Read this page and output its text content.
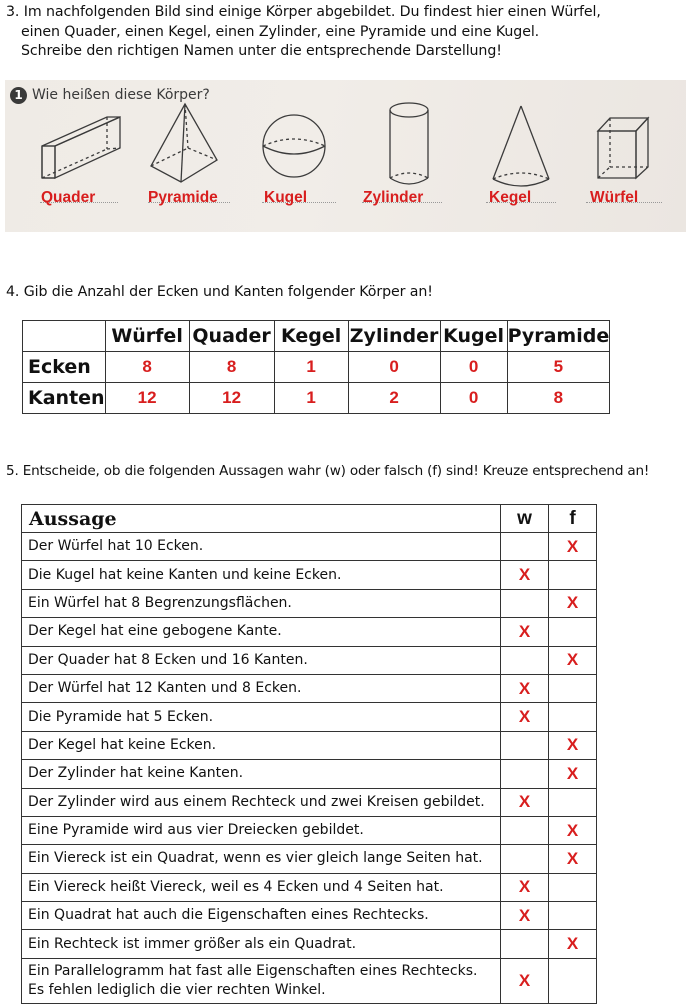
3. Im nachfolgenden Bild sind einige Körper abgebildet. Du findest hier einen Würfel,

einen Quader, einen Kegel, einen Zylinder, eine Pyramide und eine Kugel.

Schreibe den richtigen Namen unter die entsprechende Darstellung!

1 Wie heißen diese Körper?
Quader	Pyramide	Kugel	Zylinder	Kegel	Würfel
4. Gib die Anzahl der Ecken und Kanten folgender Körper an!
	Würfel	Quader	Kegel	Zylinder	Kugel	Pyramide
Ecken	8	8	1	0	0	5
Kanten	12	12	1	2	0	8
5. Entscheide, ob die folgenden Aussagen wahr (w) oder falsch (f) sind! Kreuze entsprechend an!
Aussage	w	f
Der Würfel hat 10 Ecken.		X
Die Kugel hat keine Kanten und keine Ecken.	X	
Ein Würfel hat 8 Begrenzungsflächen.		X
Der Kegel hat eine gebogene Kante.	X	
Der Quader hat 8 Ecken und 16 Kanten.		X
Der Würfel hat 12 Kanten und 8 Ecken.	X	
Die Pyramide hat 5 Ecken.	X	
Der Kegel hat keine Ecken.		X
Der Zylinder hat keine Kanten.		X
Der Zylinder wird aus einem Rechteck und zwei Kreisen gebildet.	X	
Eine Pyramide wird aus vier Dreiecken gebildet.		X
Ein Viereck ist ein Quadrat, wenn es vier gleich lange Seiten hat.		X
Ein Viereck heißt Viereck, weil es 4 Ecken und 4 Seiten hat.	X	
Ein Quadrat hat auch die Eigenschaften eines Rechtecks.	X	
Ein Rechteck ist immer größer als ein Quadrat.		X
Ein Parallelogramm hat fast alle Eigenschaften eines Rechtecks.
Es fehlen lediglich die vier rechten Winkel.	X	
